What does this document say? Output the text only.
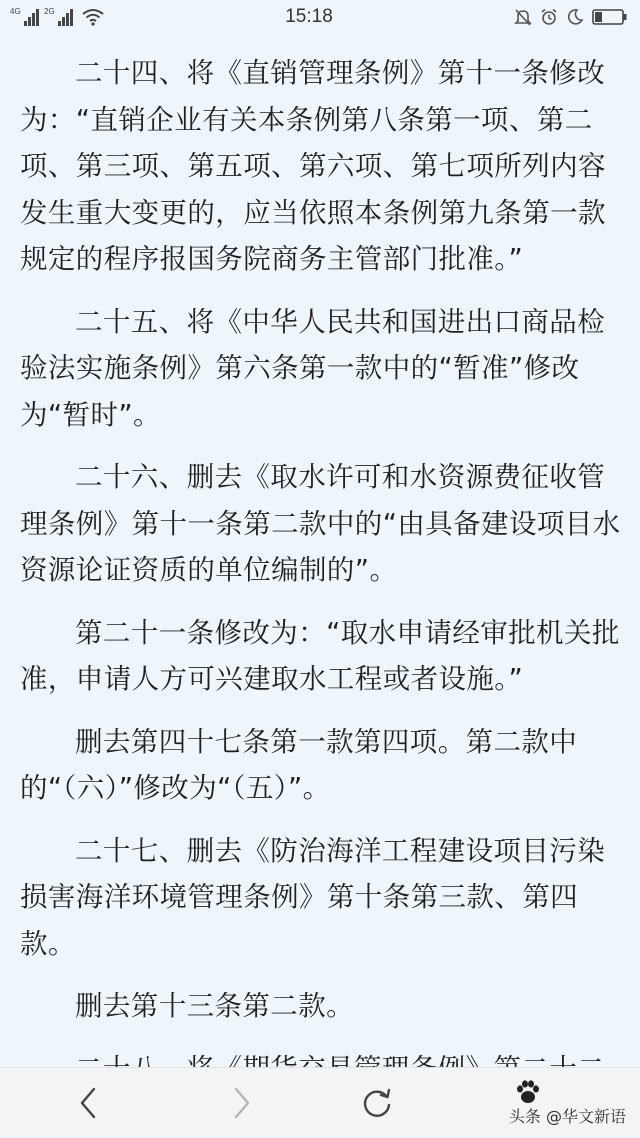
4G	2G	15:18

二十四、将《直销管理条例》第十一条修改为：“直销企业有关本条例第八条第一项、第二项、第三项、第五项、第六项、第七项所列内容发生重大变更的，应当依照本条例第九条第一款规定的程序报国务院商务主管部门批准。”

二十五、将《中华人民共和国进出口商品检验法实施条例》第六条第一款中的“暂准”修改为“暂时”。

二十六、删去《取水许可和水资源费征收管理条例》第十一条第二款中的“由具备建设项目水资源论证资质的单位编制的”。

第二十一条修改为：“取水申请经审批机关批准，申请人方可兴建取水工程或者设施。”

删去第四十七条第一款第四项。第二款中的“（六）”修改为“（五）”。

二十七、删去《防治海洋工程建设项目污染损害海洋环境管理条例》第十条第三款、第四款。

删去第十三条第二款。

头条 @华文新语
